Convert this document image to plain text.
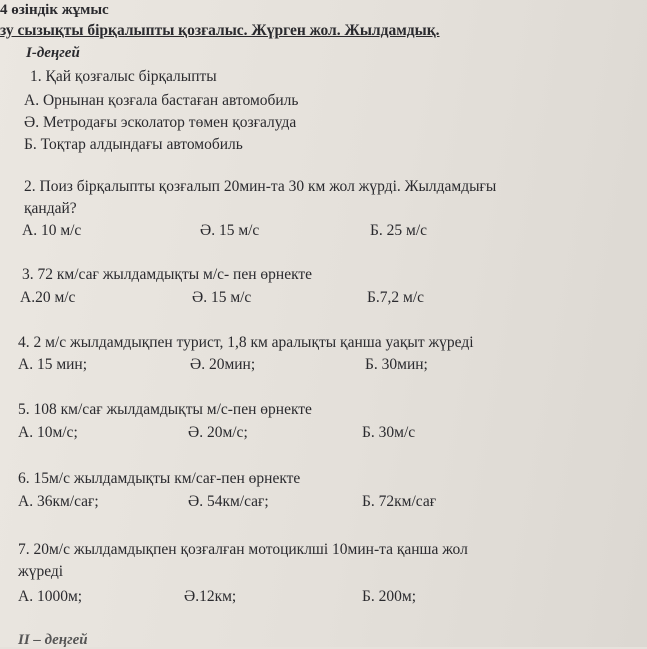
4 өзіндік жұмыс
зу сызықты бірқалыпты қозғалыс. Жүрген жол. Жылдамдық.
І-деңгей
1. Қай қозғалыс бірқалыпты
А. Орнынан қозғала бастаған автомобиль
Ә. Метродағы эсколатор төмен қозғалуда
Б. Тоқтар алдындағы автомобиль
2. Поиз бірқалыпты қозғалып 20мин-та 30 км жол жүрді. Жылдамдығы
қандай?
А. 10 м/с	Ә. 15 м/с	Б. 25 м/с
3. 72 км/сағ жылдамдықты м/с- пен өрнекте
А.20 м/с	Ә. 15 м/с	Б.7,2 м/с
4. 2 м/с жылдамдықпен турист, 1,8 км аралықты қанша уақыт жүреді
А. 15 мин;	Ә. 20мин;	Б. 30мин;
5. 108 км/сағ жылдамдықты м/с-пен өрнекте
А. 10м/с;	Ә. 20м/с;	Б. 30м/с
6. 15м/с жылдамдықты км/сағ-пен өрнекте
А. 36км/сағ;	Ә. 54км/сағ;	Б. 72км/сағ
7. 20м/с жылдамдықпен қозғалған мотоциклші 10мин-та қанша жол
жүреді
А. 1000м;	Ә.12км;	Б. 200м;
ІІ – деңгей
